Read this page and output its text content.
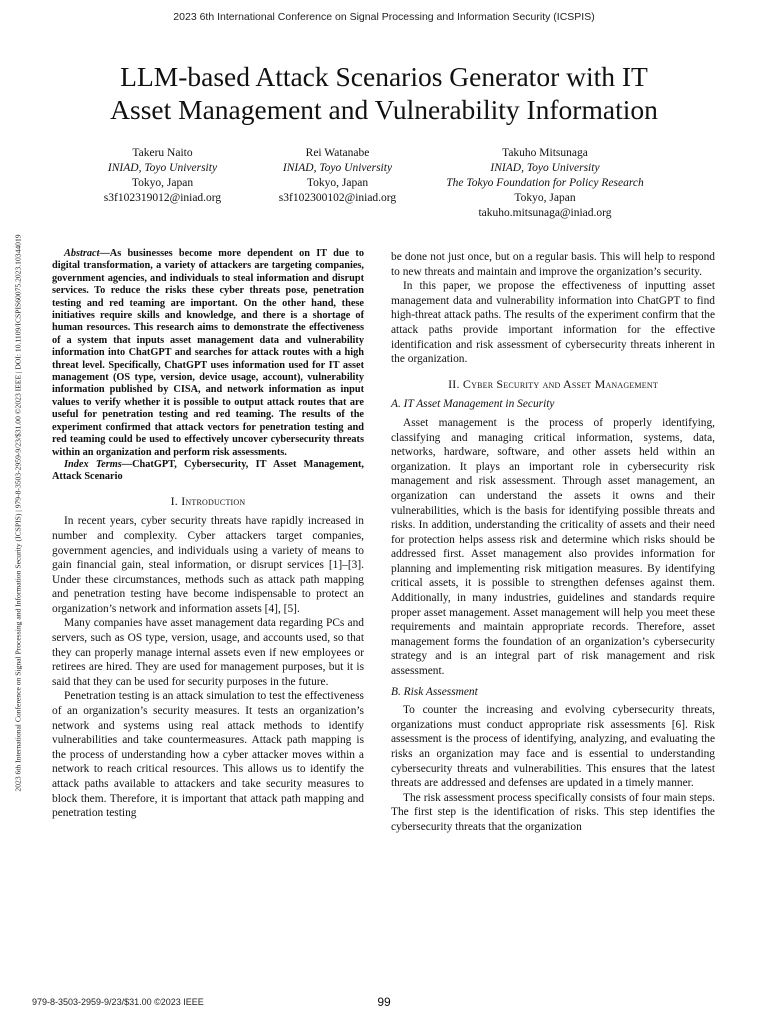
2023 6th International Conference on Signal Processing and Information Security (ICSPIS)
LLM-based Attack Scenarios Generator with IT
Asset Management and Vulnerability Information
Takeru Naito
INIAD, Toyo University
Tokyo, Japan
s3f102319012@iniad.org
Rei Watanabe
INIAD, Toyo University
Tokyo, Japan
s3f102300102@iniad.org
Takuho Mitsunaga
INIAD, Toyo University
The Tokyo Foundation for Policy Research
Tokyo, Japan
takuho.mitsunaga@iniad.org
2023 6th International Conference on Signal Processing and Information Security (ICSPIS) | 979-8-3503-2959-9/23/$31.00 ©2023 IEEE | DOI: 10.1109/ICSPIS60075.2023.10344019	Abstract—As businesses become more dependent on IT due to digital transformation, a variety of attackers are targeting companies, government agencies, and individuals to steal information and disrupt services. To reduce the risks these cyber threats pose, penetration testing and red teaming are important. On the other hand, these initiatives require skills and knowledge, and there is a shortage of human resources. This research aims to demonstrate the effectiveness of a system that inputs asset management data and vulnerability information into ChatGPT and searches for attack routes with a high threat level. Specifically, ChatGPT uses information used for IT asset management (OS type, version, device usage, account), vulnerability information published by CISA, and network information as input values to verify whether it is possible to output attack routes that are useful for penetration testing and red teaming. The results of the experiment confirmed that attack vectors for penetration testing and red teaming could be used to effectively uncover cybersecurity threats within an organization and perform risk assessments.

Index Terms—ChatGPT, Cybersecurity, IT Asset Management, Attack Scenario

I. Introduction

In recent years, cyber security threats have rapidly increased in number and complexity. Cyber attackers target companies, government agencies, and individuals using a variety of means to gain financial gain, steal information, or disrupt services [1]–[3]. Under these circumstances, methods such as attack path mapping and penetration testing have become indispensable to protect an organization’s network and information assets [4], [5].

Many companies have asset management data regarding PCs and servers, such as OS type, version, usage, and accounts used, so that they can properly manage internal assets even if new employees or retirees are hired. They are used for management purposes, but it is said that they can be used for security purposes in the future.

Penetration testing is an attack simulation to test the effectiveness of an organization’s security measures. It tests an organization’s network and systems using real attack methods to identify vulnerabilities and take countermeasures. Attack path mapping is the process of understanding how a cyber attacker moves within a network to reach critical resources. This allows us to identify the attack paths available to attackers and take security measures to block them. Therefore, it is important that attack path mapping and penetration testing

be done not just once, but on a regular basis. This will help to respond to new threats and maintain and improve the organization’s security.

In this paper, we propose the effectiveness of inputting asset management data and vulnerability information into ChatGPT to find high-threat attack paths. The results of the experiment confirm that the attack paths provide important information for the effective identification and risk assessment of cybersecurity threats inherent in the organization.

II. Cyber Security and Asset Management
A. IT Asset Management in Security

Asset management is the process of properly identifying, classifying and managing critical information, systems, data, networks, hardware, software, and other assets held within an organization. It plays an important role in cybersecurity risk management and risk assessment. Through asset management, an organization can understand the assets it owns and their vulnerabilities, which is the basis for identifying possible threats and risks. In addition, understanding the criticality of assets and their need for protection helps assess risk and determine which risks should be addressed first. Asset management also provides information for planning and implementing risk mitigation measures. By identifying critical assets, it is possible to strengthen defenses against them. Additionally, in many industries, guidelines and standards require proper asset management. Asset management will help you meet these requirements and maintain appropriate records. Therefore, asset management forms the foundation of an organization’s cybersecurity strategy and is an integral part of risk management and risk assessment.

B. Risk Assessment

To counter the increasing and evolving cybersecurity threats, organizations must conduct appropriate risk assessments [6]. Risk assessment is the process of identifying, analyzing, and evaluating the risks an organization may face and is essential to understanding cybersecurity threats and vulnerabilities. This ensures that the latest threats are addressed and defenses are updated in a timely manner.

The risk assessment process specifically consists of four main steps. The first step is the identification of risks. This step identifies the cybersecurity threats that the organization

979-8-3503-2959-9/23/$31.00 ©2023 IEEE	99
